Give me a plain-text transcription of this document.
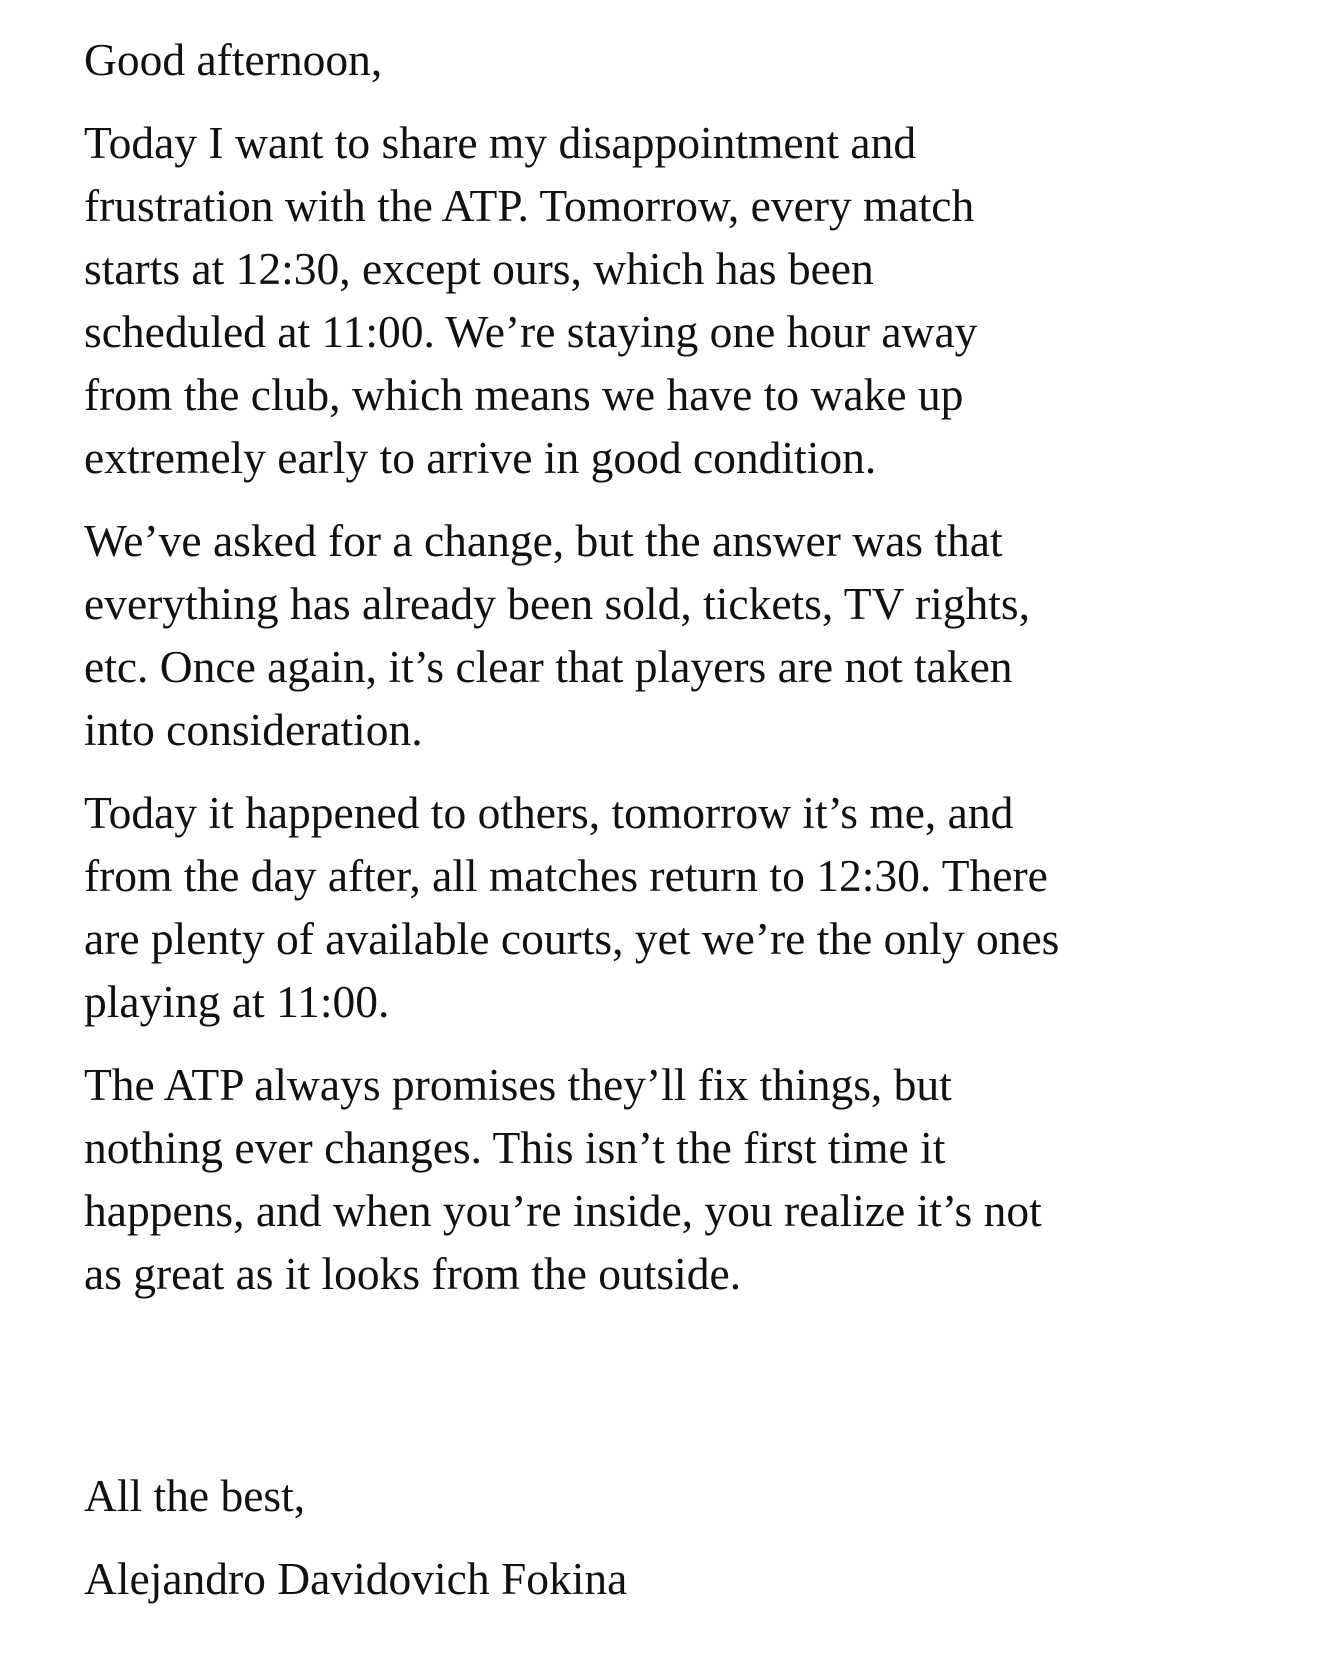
Good afternoon,

Today I want to share my disappointment and
frustration with the ATP. Tomorrow, every match
starts at 12:30, except ours, which has been
scheduled at 11:00. We’re staying one hour away
from the club, which means we have to wake up
extremely early to arrive in good condition.

We’ve asked for a change, but the answer was that
everything has already been sold, tickets, TV rights,
etc. Once again, it’s clear that players are not taken
into consideration.

Today it happened to others, tomorrow it’s me, and
from the day after, all matches return to 12:30. There
are plenty of available courts, yet we’re the only ones
playing at 11:00.

The ATP always promises they’ll fix things, but
nothing ever changes. This isn’t the first time it
happens, and when you’re inside, you realize it’s not
as great as it looks from the outside.

All the best,

Alejandro Davidovich Fokina
